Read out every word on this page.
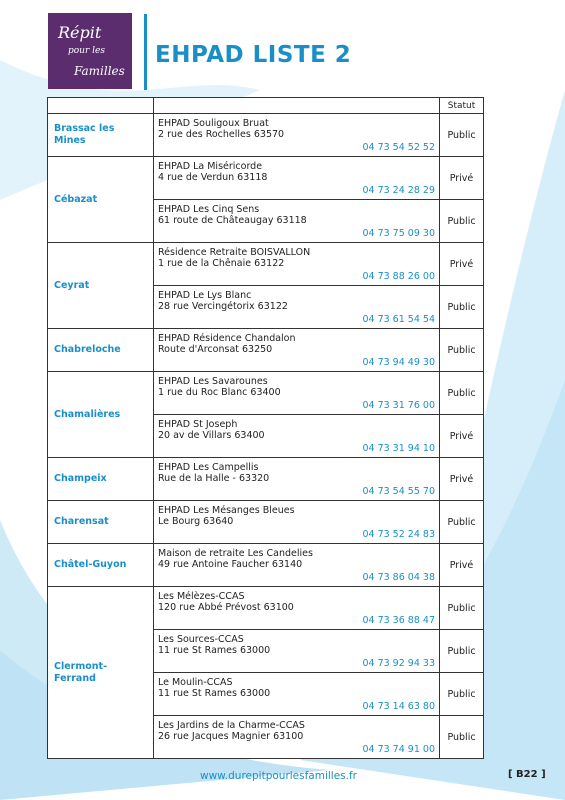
Répit
pour les
Familles
EHPAD LISTE 2
		Statut
Brassac les Mines	EHPAD Souligoux Bruat
2 rue des Rochelles 63570
04 73 54 52 52	Public
Cébazat	EHPAD La Miséricorde
4 rue de Verdun 63118
04 73 24 28 29	Privé

	EHPAD Les Cinq Sens
61 route de Châteaugay 63118
04 73 75 09 30	Public
Ceyrat	Résidence Retraite BOISVALLON
1 rue de la Chênaie 63122
04 73 88 26 00	Privé

	EHPAD Le Lys Blanc
28 rue Vercingétorix 63122
04 73 61 54 54	Public
Chabreloche	EHPAD Résidence Chandalon
Route d'Arconsat 63250
04 73 94 49 30	Public
Chamalières	EHPAD Les Savarounes
1 rue du Roc Blanc 63400
04 73 31 76 00	Public

	EHPAD St Joseph
20 av de Villars 63400
04 73 31 94 10	Privé
Champeix	EHPAD Les Campellis
Rue de la Halle - 63320
04 73 54 55 70	Privé
Charensat	EHPAD Les Mésanges Bleues
Le Bourg 63640
04 73 52 24 83	Public
Châtel-Guyon	Maison de retraite Les Candelies
49 rue Antoine Faucher 63140
04 73 86 04 38	Privé
Clermont-Ferrand	Les Mélèzes-CCAS
120 rue Abbé Prévost 63100
04 73 36 88 47	Public

	Les Sources-CCAS
11 rue St Rames 63000
04 73 92 94 33	Public

	Le Moulin-CCAS
11 rue St Rames 63000
04 73 14 63 80	Public

	Les Jardins de la Charme-CCAS
26 rue Jacques Magnier 63100
04 73 74 91 00	Public
www.durepitpourlesfamilles.fr	[ B22 ]
